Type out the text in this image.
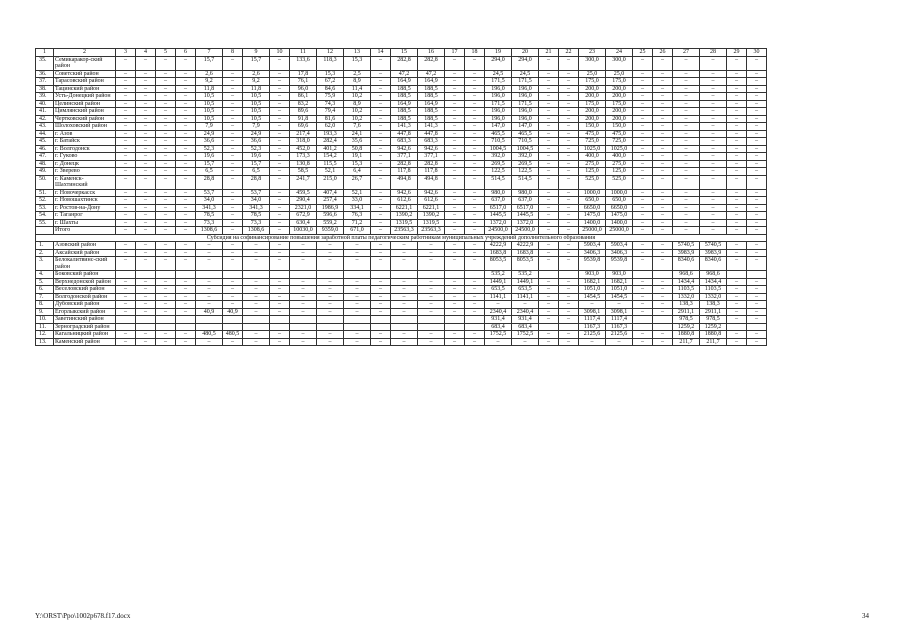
1	2	3	4	5	6	7	8	9	10	11	12	13	14	15	16	17	18	19	20	21	22	23	24	25	26	27	28	29	30
35.	Семикаракор-ский район	–	–	–	–	15,7	–	15,7	–	133,6	118,3	15,3	–	282,8	282,8	–	–	294,0	294,0	–	–	300,0	300,0	–	–	–	–	–	–
36.	Советский район	–	–	–	–	2,6	–	2,6	–	17,8	15,3	2,5	–	47,2	47,2	–	–	24,5	24,5	–	–	25,0	25,0	–	–	–	–	–	–
37.	Тарасовский район	–	–	–	–	9,2	–	9,2	–	76,1	67,2	8,9	–	164,9	164,9	–	–	171,5	171,5	–	–	175,0	175,0	–	–	–	–	–	–
38.	Тацинский район	–	–	–	–	11,8	–	11,8	–	96,0	84,6	11,4	–	188,5	188,5	–	–	196,0	196,0	–	–	200,0	200,0	–	–	–	–	–	–
39.	Усть-Донецкий район	–	–	–	–	10,5	–	10,5	–	86,1	75,9	10,2	–	188,5	188,5	–	–	196,0	196,0	–	–	200,0	200,0	–	–	–	–	–	–
40.	Целинский район	–	–	–	–	10,5	–	10,5	–	83,2	74,3	8,9	–	164,9	164,9	–	–	171,5	171,5	–	–	175,0	175,0	–	–	–	–	–	–
41.	Цимлянский район	–	–	–	–	10,5	–	10,5	–	89,6	79,4	10,2	–	188,5	188,5	–	–	196,0	196,0	–	–	200,0	200,0	–	–	–	–	–	–
42.	Чертковский район	–	–	–	–	10,5	–	10,5	–	91,8	81,6	10,2	–	188,5	188,5	–	–	196,0	196,0	–	–	200,0	200,0	–	–	–	–	–	–
43.	Шолоховский район	–	–	–	–	7,9	–	7,9	–	69,6	62,0	7,6	–	141,3	141,3	–	–	147,0	147,0	–	–	150,0	150,0	–	–	–	–	–	–
44.	г. Азов	–	–	–	–	24,9	–	24,9	–	217,4	193,3	24,1	–	447,8	447,8	–	–	465,5	465,5	–	–	475,0	475,0	–	–	–	–	–	–
45.	г. Батайск	–	–	–	–	36,6	–	36,6	–	318,0	282,4	35,6	–	683,3	683,3	–	–	710,5	710,5	–	–	725,0	725,0	–	–	–	–	–	–
46.	г. Волгодонск	–	–	–	–	52,3	–	52,3	–	452,0	401,2	50,8	–	942,6	942,6	–	–	1004,5	1004,5	–	–	1025,0	1025,0	–	–	–	–	–	–
47.	г. Гуково	–	–	–	–	19,6	–	19,6	–	173,3	154,2	19,1	–	377,1	377,1	–	–	392,0	392,0	–	–	400,0	400,0	–	–	–	–	–	–
48.	г. Донецк	–	–	–	–	15,7	–	15,7	–	130,8	115,5	15,3	–	282,8	282,8	–	–	269,5	269,5	–	–	275,0	275,0	–	–	–	–	–	–
49.	г. Зверево	–	–	–	–	6,5	–	6,5	–	58,5	52,1	6,4	–	117,8	117,8	–	–	122,5	122,5	–	–	125,0	125,0	–	–	–	–	–	–
50.	г. Каменск-Шахтинский	–	–	–	–	28,8	–	28,8	–	241,7	215,0	26,7	–	494,8	494,8	–	–	514,5	514,5	–	–	525,0	525,0	–	–	–	–	–	–
51.	г. Новочеркасск	–	–	–	–	53,7	–	53,7	–	459,5	407,4	52,1	–	942,6	942,6	–	–	980,0	980,0	–	–	1000,0	1000,0	–	–	–	–	–	–
52.	г. Новошахтинск	–	–	–	–	34,0	–	34,0	–	290,4	257,4	33,0	–	612,6	612,6	–	–	637,0	637,0	–	–	650,0	650,0	–	–	–	–	–	–
53.	г. Ростов-на-Дону	–	–	–	–	341,3	–	341,3	–	2321,0	1986,9	334,1	–	6221,1	6221,1	–	–	6517,0	6517,0	–	–	6650,0	6650,0	–	–	–	–	–	–
54.	г. Таганрог	–	–	–	–	78,5	–	78,5	–	672,9	596,6	76,3	–	1390,2	1390,2	–	–	1445,5	1445,5	–	–	1475,0	1475,0	–	–	–	–	–	–
55.	г. Шахты	–	–	–	–	73,3	–	73,3	–	630,4	559,2	71,2	–	1319,5	1319,5	–	–	1372,0	1372,0	–	–	1400,0	1400,0	–	–	–	–	–	–
	Итого	–	–	–	–	1308,6	–	1308,6	–	10030,0	9359,0	671,0	–	23563,3	23563,3	–	–	24500,0	24500,0	–	–	25000,0	25000,0	–	–	–	–	–	–
Субсидия на софинансирование повышения заработной платы педагогическим работникам муниципальных учреждений дополнительного образования																													
1.	Азовский район	–	–	–	–	–	–	–	–	–	–	–	–	–	–	–	–	4222,9	4222,9	–	–	5903,4	5903,4	–	–	5740,5	5740,5	–	–
2.	Аксайский район	–	–	–	–	–	–	–	–	–	–	–	–	–	–	–	–	1683,8	1683,8	–	–	3406,3	3406,3	–	–	3983,9	3983,9	–	–
3.	Белокалитвинс-ский район	–	–	–	–	–	–	–	–	–	–	–	–	–	–	–	–	8053,5	8053,5	–	–	9539,8	9539,8	–	–	8340,6	8340,6	–	–
4.	Боковский район																	535,2	535,2			903,0	903,0			968,6	968,6		
5.	Верхнедонской район	–	–	–	–	–	–	–	–	–	–	–	–	–	–	–	–	1449,1	1449,1	–	–	1682,1	1682,1	–	–	1434,4	1434,4	–	–
6.	Веселовский район	–	–	–	–	–	–	–	–	–	–	–	–	–	–	–	–	653,5	653,5	–	–	1051,0	1051,0	–	–	1103,5	1103,5	–	–
7.	Волгодонской район	–	–	–	–	–	–	–	–	–	–	–	–	–	–	–	–	1141,1	1141,1	–	–	1454,5	1454,5	–	–	1332,0	1332,0	–	–
8.	Дубовский район	–	–	–	–	–	–	–	–	–	–	–	–	–	–	–	–	–	–	–	–	–	–	–	–	138,3	138,3	–	–
9.	Егорлыкский район	–	–	–	–	40,9	40,9	–	–	–	–	–	–	–	–	–	–	2340,4	2340,4	–	–	3098,1	3098,1	–	–	2911,1	2911,1	–	–
10.	Заветинский район																	931,4	931,4	–	–	1117,4	1117,4			978,5	978,5	–	–
11.	Зерноградский район																	683,4	683,4			1167,3	1167,3			1259,2	1259,2		
12.	Кагальницкий район	–	–	–	–	480,5	480,5	–	–	–	–	–	–	–	–	–	–	1752,5	1752,5	–	–	2125,6	2125,6	–	–	1880,8	1880,8	–	–
13.	Каменский район	–	–	–	–	–	–	–	–	–	–	–	–	–	–	–	–	–	–	–	–	–	–	–	–	211,7	211,7	–	–
Y:\ORST\Ppo\1002p678.f17.docx	34
